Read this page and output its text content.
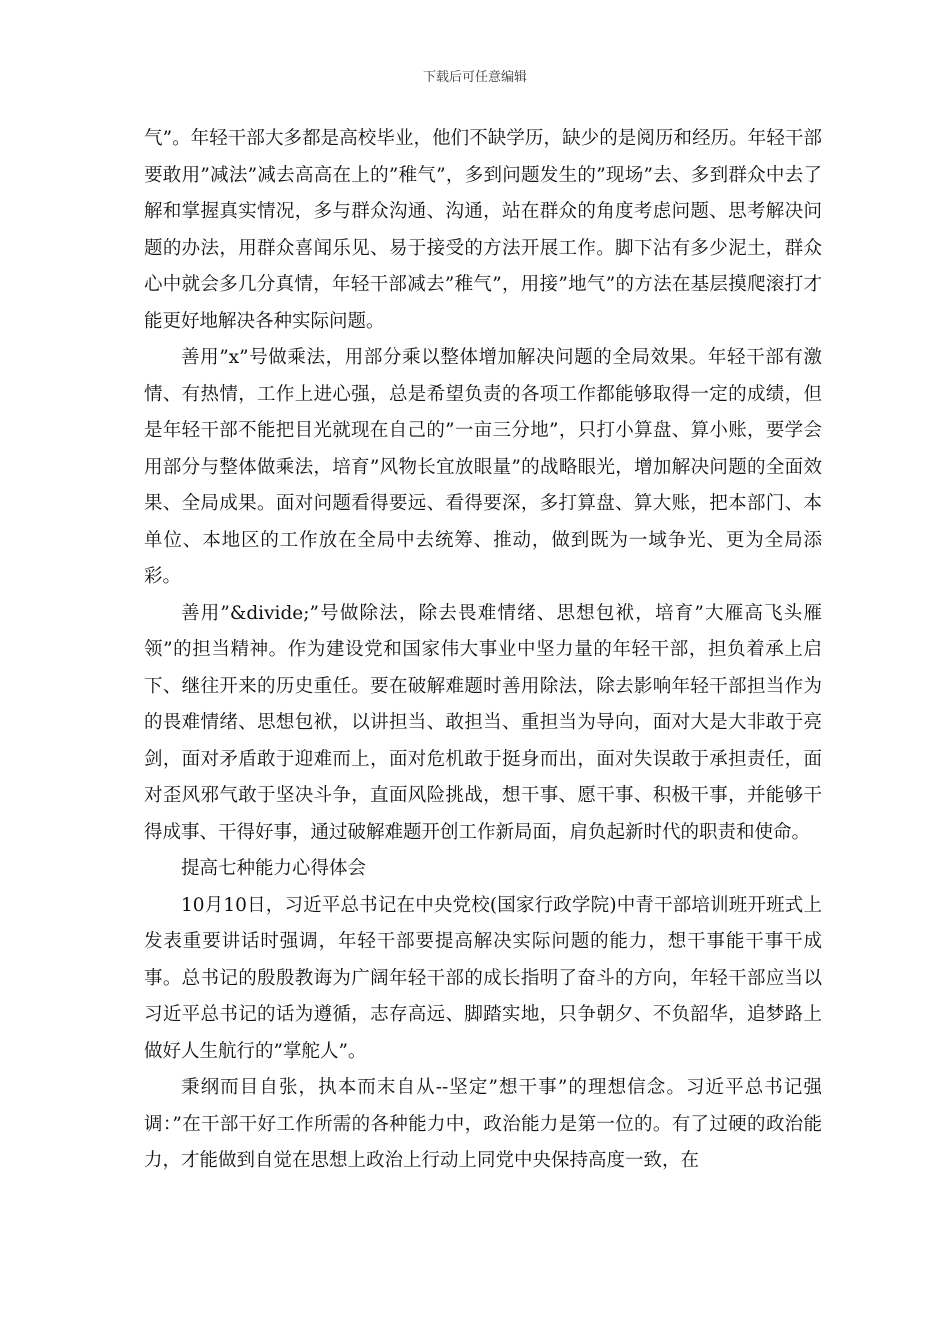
下载后可任意编辑

气”。年轻干部大多都是高校毕业，他们不缺学历，缺少的是阅历和经历。年轻干部要敢用”减法”减去高高在上的”稚气”，多到问题发生的”现场”去、多到群众中去了解和掌握真实情况，多与群众沟通、沟通，站在群众的角度考虑问题、思考解决问题的办法，用群众喜闻乐见、易于接受的方法开展工作。脚下沾有多少泥土，群众心中就会多几分真情，年轻干部减去”稚气”，用接”地气”的方法在基层摸爬滚打才能更好地解决各种实际问题。

善用”x”号做乘法，用部分乘以整体增加解决问题的全局效果。年轻干部有激情、有热情，工作上进心强，总是希望负责的各项工作都能够取得一定的成绩，但是年轻干部不能把目光就现在自己的”一亩三分地”，只打小算盘、算小账，要学会用部分与整体做乘法，培育”风物长宜放眼量”的战略眼光，增加解决问题的全面效果、全局成果。面对问题看得要远、看得要深，多打算盘、算大账，把本部门、本单位、本地区的工作放在全局中去统筹、推动，做到既为一域争光、更为全局添彩。

善用”&divide;”号做除法，除去畏难情绪、思想包袱，培育”大雁高飞头雁领”的担当精神。作为建设党和国家伟大事业中坚力量的年轻干部，担负着承上启下、继往开来的历史重任。要在破解难题时善用除法，除去影响年轻干部担当作为的畏难情绪、思想包袱，以讲担当、敢担当、重担当为导向，面对大是大非敢于亮剑，面对矛盾敢于迎难而上，面对危机敢于挺身而出，面对失误敢于承担责任，面对歪风邪气敢于坚决斗争，直面风险挑战，想干事、愿干事、积极干事，并能够干得成事、干得好事，通过破解难题开创工作新局面，肩负起新时代的职责和使命。

提高七种能力心得体会

10月10日，习近平总书记在中央党校(国家行政学院)中青干部培训班开班式上发表重要讲话时强调，年轻干部要提高解决实际问题的能力，想干事能干事干成事。总书记的殷殷教诲为广阔年轻干部的成长指明了奋斗的方向，年轻干部应当以习近平总书记的话为遵循，志存高远、脚踏实地，只争朝夕、不负韶华，追梦路上做好人生航行的”掌舵人”。

秉纲而目自张，执本而末自从--坚定”想干事”的理想信念。习近平总书记强调：”在干部干好工作所需的各种能力中，政治能力是第一位的。有了过硬的政治能力，才能做到自觉在思想上政治上行动上同党中央保持高度一致，在
